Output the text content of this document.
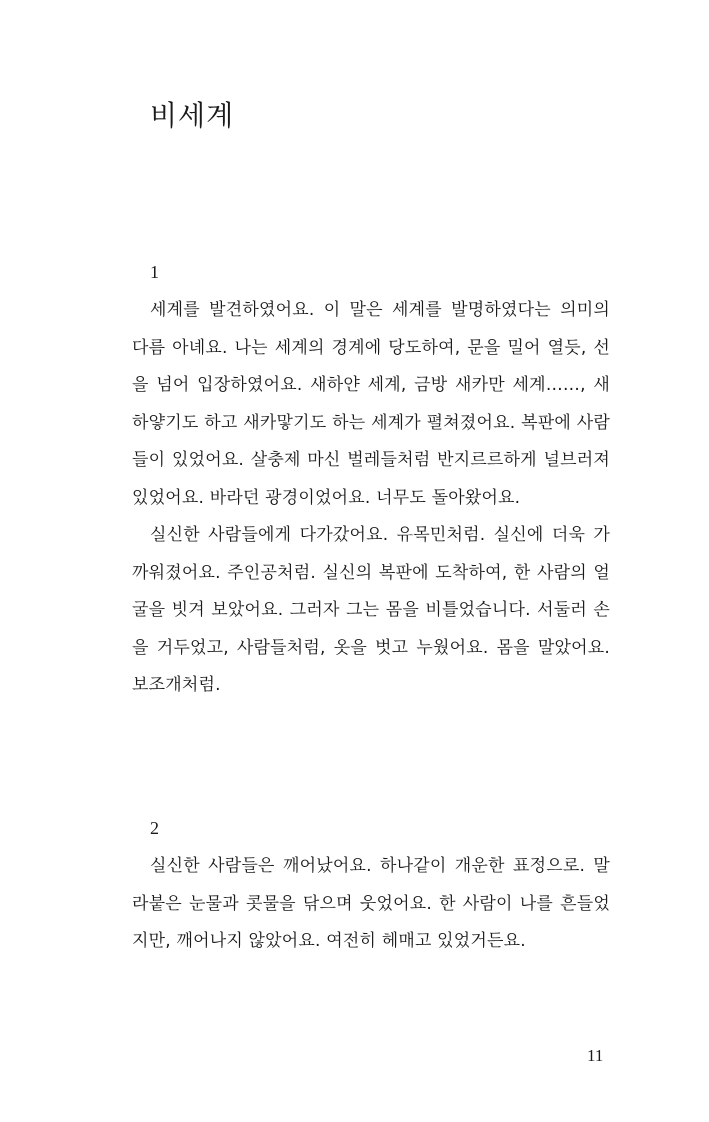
비세계

1

세계를 발견하였어요. 이 말은 세계를 발명하였다는 의미의 다름 아녜요. 나는 세계의 경계에 당도하여, 문을 밀어 열듯, 선을 넘어 입장하였어요. 새하얀 세계, 금방 새카만 세계……, 새하얗기도 하고 새카맣기도 하는 세계가 펼쳐졌어요. 복판에 사람들이 있었어요. 살충제 마신 벌레들처럼 반지르르하게 널브러져 있었어요. 바라던 광경이었어요. 너무도 돌아왔어요.

실신한 사람들에게 다가갔어요. 유목민처럼. 실신에 더욱 가까워졌어요. 주인공처럼. 실신의 복판에 도착하여, 한 사람의 얼굴을 빗겨 보았어요. 그러자 그는 몸을 비틀었습니다. 서둘러 손을 거두었고, 사람들처럼, 옷을 벗고 누웠어요. 몸을 말았어요. 보조개처럼.

2

실신한 사람들은 깨어났어요. 하나같이 개운한 표정으로. 말라붙은 눈물과 콧물을 닦으며 웃었어요. 한 사람이 나를 흔들었지만, 깨어나지 않았어요. 여전히 헤매고 있었거든요.

11
